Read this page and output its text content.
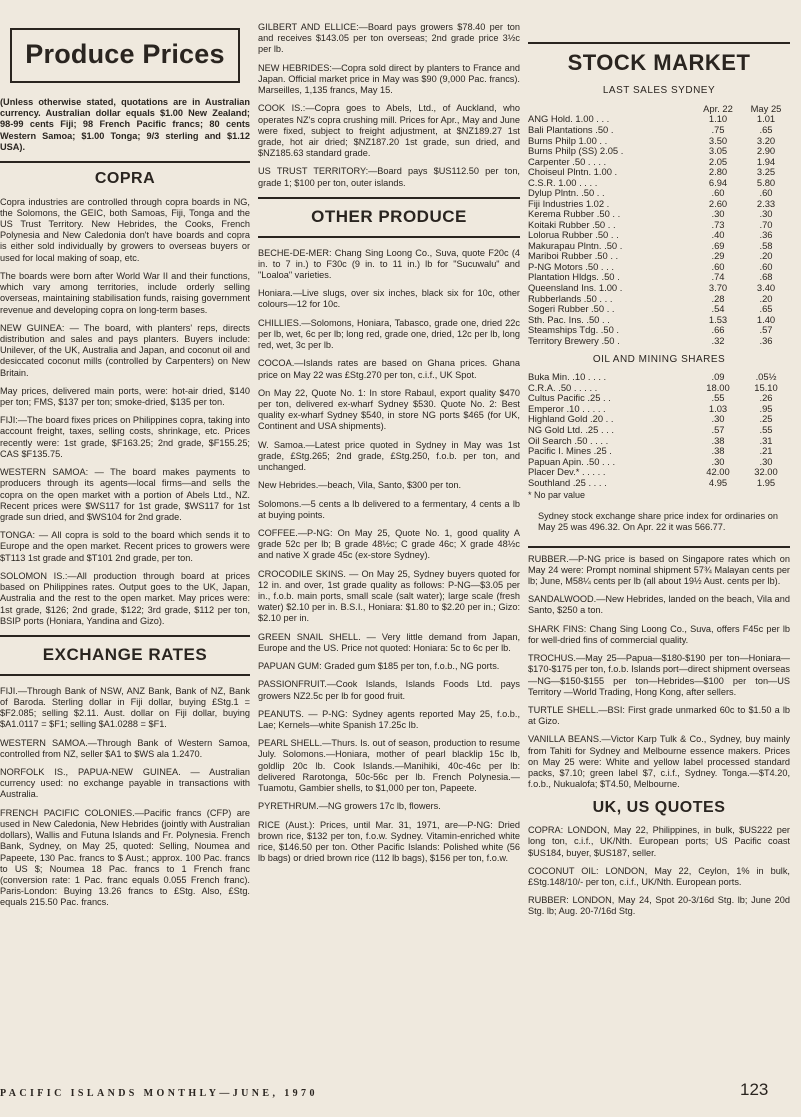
Produce Prices

(Unless otherwise stated, quotations are in Australian currency. Australian dollar equals $1.00 New Zealand; 98-99 cents Fiji; 98 French Pacific francs; 80 cents Western Samoa; $1.00 Tonga; 9/3 sterling and $1.12 USA).

COPRA

Copra industries are controlled through copra boards in NG, the Solomons, the GEIC, both Samoas, Fiji, Tonga and the US Trust Territory. New Hebrides, the Cooks, French Polynesia and New Caledonia don't have boards and copra is either sold individually by growers to overseas buyers or used for local making of soap, etc.

The boards were born after World War II and their functions, which vary among territories, include orderly selling overseas, maintaining stabilisation funds, raising government revenue and developing copra on long-term bases.

NEW GUINEA: — The board, with planters' reps, directs distribution and sales and pays planters. Buyers include: Unilever, of the UK, Australia and Japan, and coconut oil and desiccated coconut mills (controlled by Carpenters) on New Britain.

May prices, delivered main ports, were: hot-air dried, $140 per ton; FMS, $137 per ton; smoke-dried, $135 per ton.

FIJI:—The board fixes prices on Philippines copra, taking into account freight, taxes, selling costs, shrinkage, etc. Prices recently were: 1st grade, $F163.25; 2nd grade, $F155.25; CAS $F135.75.

WESTERN SAMOA: — The board makes payments to producers through its agents—local firms—and sells the copra on the open market with a portion of Abels Ltd., NZ. Recent prices were $WS117 for 1st grade, $WS117 for 1st grade sun dried, and $WS104 for 2nd grade.

TONGA: — All copra is sold to the board which sends it to Europe and the open market. Recent prices to growers were $T113 1st grade and $T101 2nd grade, per ton.

SOLOMON IS.:—All production through board at prices based on Philippines rates. Output goes to the UK, Japan, Australia and the rest to the open market. May prices were: 1st grade, $126; 2nd grade, $122; 3rd grade, $112 per ton, BSIP ports (Honiara, Yandina and Gizo).

EXCHANGE RATES

FIJI.—Through Bank of NSW, ANZ Bank, Bank of NZ, Bank of Baroda. Sterling dollar in Fiji dollar, buying £Stg.1 = $F2.085; selling $2.11. Aust. dollar on Fiji dollar, buying $A1.0117 = $F1; selling $A1.0288 = $F1.

WESTERN SAMOA.—Through Bank of Western Samoa, controlled from NZ, seller $A1 to $WS ala 1.2470.

NORFOLK IS., PAPUA-NEW GUINEA. — Australian currency used: no exchange payable in transactions with Australia.

FRENCH PACIFIC COLONIES.—Pacific francs (CFP) are used in New Caledonia, New Hebrides (jointly with Australian dollars), Wallis and Futuna Islands and Fr. Polynesia. French Bank, Sydney, on May 25, quoted: Selling, Noumea and Papeete, 130 Pac. francs to $ Aust.; approx. 100 Pac. francs to US $; Noumea 18 Pac. francs to 1 French franc (conversion rate: 1 Pac. franc equals 0.055 French franc). Paris-London: Buying 13.26 francs to £Stg. Also, £Stg. equals 215.50 Pac. francs.

GILBERT AND ELLICE:—Board pays growers $78.40 per ton and receives $143.05 per ton overseas; 2nd grade price 3½c per lb.

NEW HEBRIDES:—Copra sold direct by planters to France and Japan. Official market price in May was $90 (9,000 Pac. francs). Marseilles, 1,135 francs, May 15.

COOK IS.:—Copra goes to Abels, Ltd., of Auckland, who operates NZ's copra crushing mill. Prices for Apr., May and June were fixed, subject to freight adjustment, at $NZ189.27 1st grade, hot air dried; $NZ187.20 1st grade, sun dried, and $NZ185.63 standard grade.

US TRUST TERRITORY:—Board pays $US112.50 per ton, grade 1; $100 per ton, outer islands.

OTHER PRODUCE

BECHE-DE-MER: Chang Sing Loong Co., Suva, quote F20c (4 in. to 7 in.) to F30c (9 in. to 11 in.) lb for "Sucuwalu" and "Loaloa" varieties.

Honiara.—Live slugs, over six inches, black six for 10c, other colours—12 for 10c.

CHILLIES.—Solomons, Honiara, Tabasco, grade one, dried 22c per lb, wet, 6c per lb; long red, grade one, dried, 12c per lb, long red, wet, 3c per lb.

COCOA.—Islands rates are based on Ghana prices. Ghana price on May 22 was £Stg.270 per ton, c.i.f., UK Spot.

On May 22, Quote No. 1: In store Rabaul, export quality $470 per ton, delivered ex-wharf Sydney $530. Quote No. 2: Best quality ex-wharf Sydney $540, in store NG ports $465 (for UK, Continent and USA shipments).

W. Samoa.—Latest price quoted in Sydney in May was 1st grade, £Stg.265; 2nd grade, £Stg.250, f.o.b. per ton, and unchanged.

New Hebrides.—beach, Vila, Santo, $300 per ton.

Solomons.—5 cents a lb delivered to a fermentary, 4 cents a lb at buying points.

COFFEE.—P-NG: On May 25, Quote No. 1, good quality A grade 52c per lb; B grade 48½c; C grade 46c; X grade 48½c and native X grade 45c (ex-store Sydney).

CROCODILE SKINS. — On May 25, Sydney buyers quoted for 12 in. and over, 1st grade quality as follows: P-NG—$3.05 per in., f.o.b. main ports, small scale (salt water); large scale (fresh water) $2.10 per in. B.S.I., Honiara: $1.80 to $2.20 per in.; Gizo: $2.10 per in.

GREEN SNAIL SHELL. — Very little demand from Japan, Europe and the US. Price not quoted: Honiara: 5c to 6c per lb.

PAPUAN GUM: Graded gum $185 per ton, f.o.b., NG ports.

PASSIONFRUIT.—Cook Islands, Islands Foods Ltd. pays growers NZ2.5c per lb for good fruit.

PEANUTS. — P-NG: Sydney agents reported May 25, f.o.b., Lae; Kernels—white Spanish 17.25c lb.

PEARL SHELL.—Thurs. Is. out of season, production to resume July. Solomons.—Honiara, mother of pearl blacklip 15c lb, goldlip 20c lb. Cook Islands.—Manihiki, 40c-46c per lb: delivered Rarotonga, 50c-56c per lb. French Polynesia.—Tuamotu, Gambier shells, to $1,000 per ton, Papeete.

PYRETHRUM.—NG growers 17c lb, flowers.

RICE (Aust.): Prices, until Mar. 31, 1971, are—P-NG: Dried brown rice, $132 per ton, f.o.w. Sydney. Vitamin-enriched white rice, $146.50 per ton. Other Pacific Islands: Polished white (56 lb bags) or dried brown rice (112 lb bags), $156 per ton, f.o.w.

STOCK MARKET
LAST SALES SYDNEY
	Apr. 22	May 25
ANG Hold. 1.00 . . .	1.10	1.01
Bali Plantations .50 .	.75	.65
Burns Philp 1.00 . .	3.50	3.20
Burns Philp (SS) 2.05 .	3.05	2.90
Carpenter .50 . . . .	2.05	1.94
Choiseul Plntn. 1.00 .	2.80	3.25
C.S.R. 1.00 . . . .	6.94	5.80
Dylup Plntn. .50 . .	.60	.60
Fiji Industries 1.02 .	2.60	2.33
Kerema Rubber .50 . .	.30	.30
Koitaki Rubber .50 . .	.73	.70
Lolorua Rubber .50 . .	.40	.36
Makurapau Plntn. .50 .	.69	.58
Mariboi Rubber .50 . .	.29	.20
P-NG Motors .50 . . .	.60	.60
Plantation Hldgs. .50 .	.74	.68
Queensland Ins. 1.00 .	3.70	3.40
Rubberlands .50 . . .	.28	.20
Sogeri Rubber .50 . .	.54	.65
Sth. Pac. Ins. .50 . .	1.53	1.40
Steamships Tdg. .50 .	.66	.57
Territory Brewery .50 .	.32	.36
OIL AND MINING SHARES
Buka Min. .10 . . . .	.09	.05½
C.R.A. .50 . . . . .	18.00	15.10
Cultus Pacific .25 . .	.55	.26
Emperor .10 . . . . .	1.03	.95
Highland Gold .20 . .	.30	.25
NG Gold Ltd. .25 . . .	.57	.55
Oil Search .50 . . . .	.38	.31
Pacific I. Mines .25 .	.38	.21
Papuan Apin. .50 . . .	.30	.30
Placer Dev.* . . . . .	42.00	32.00
Southland .25 . . . .	4.95	1.95
* No par value

Sydney stock exchange share price index for ordinaries on May 25 was 496.32. On Apr. 22 it was 566.77.

RUBBER.—P-NG price is based on Singapore rates which on May 24 were: Prompt nominal shipment 57¾ Malayan cents per lb; June, M58¼ cents per lb (all about 19½ Aust. cents per lb).

SANDALWOOD.—New Hebrides, landed on the beach, Vila and Santo, $250 a ton.

SHARK FINS: Chang Sing Loong Co., Suva, offers F45c per lb for well-dried fins of commercial quality.

TROCHUS.—May 25—Papua—$180-$190 per ton—Honiara—$170-$175 per ton, f.o.b. Islands port—direct shipment overseas—NG—$150-$155 per ton—Hebrides—$100 per ton—US Territory —World Trading, Hong Kong, after sellers.

TURTLE SHELL.—BSI: First grade unmarked 60c to $1.50 a lb at Gizo.

VANILLA BEANS.—Victor Karp Tulk & Co., Sydney, buy mainly from Tahiti for Sydney and Melbourne essence makers. Prices on May 25 were: White and yellow label processed standard packs, $7.10; green label $7, c.i.f., Sydney. Tonga.—$T4.20, f.o.b., Nukualofa; $T4.50, Melbourne.

UK, US QUOTES

COPRA: LONDON, May 22, Philippines, in bulk, $US222 per long ton, c.i.f., UK/Nth. European ports; US Pacific coast $US184, buyer, $US187, seller.

COCONUT OIL: LONDON, May 22, Ceylon, 1% in bulk, £Stg.148/10/- per ton, c.i.f., UK/Nth. European ports.

RUBBER: LONDON, May 24, Spot 20-3/16d Stg. lb; June 20d Stg. lb; Aug. 20-7/16d Stg.

PACIFIC ISLANDS MONTHLY—JUNE, 1970	123
